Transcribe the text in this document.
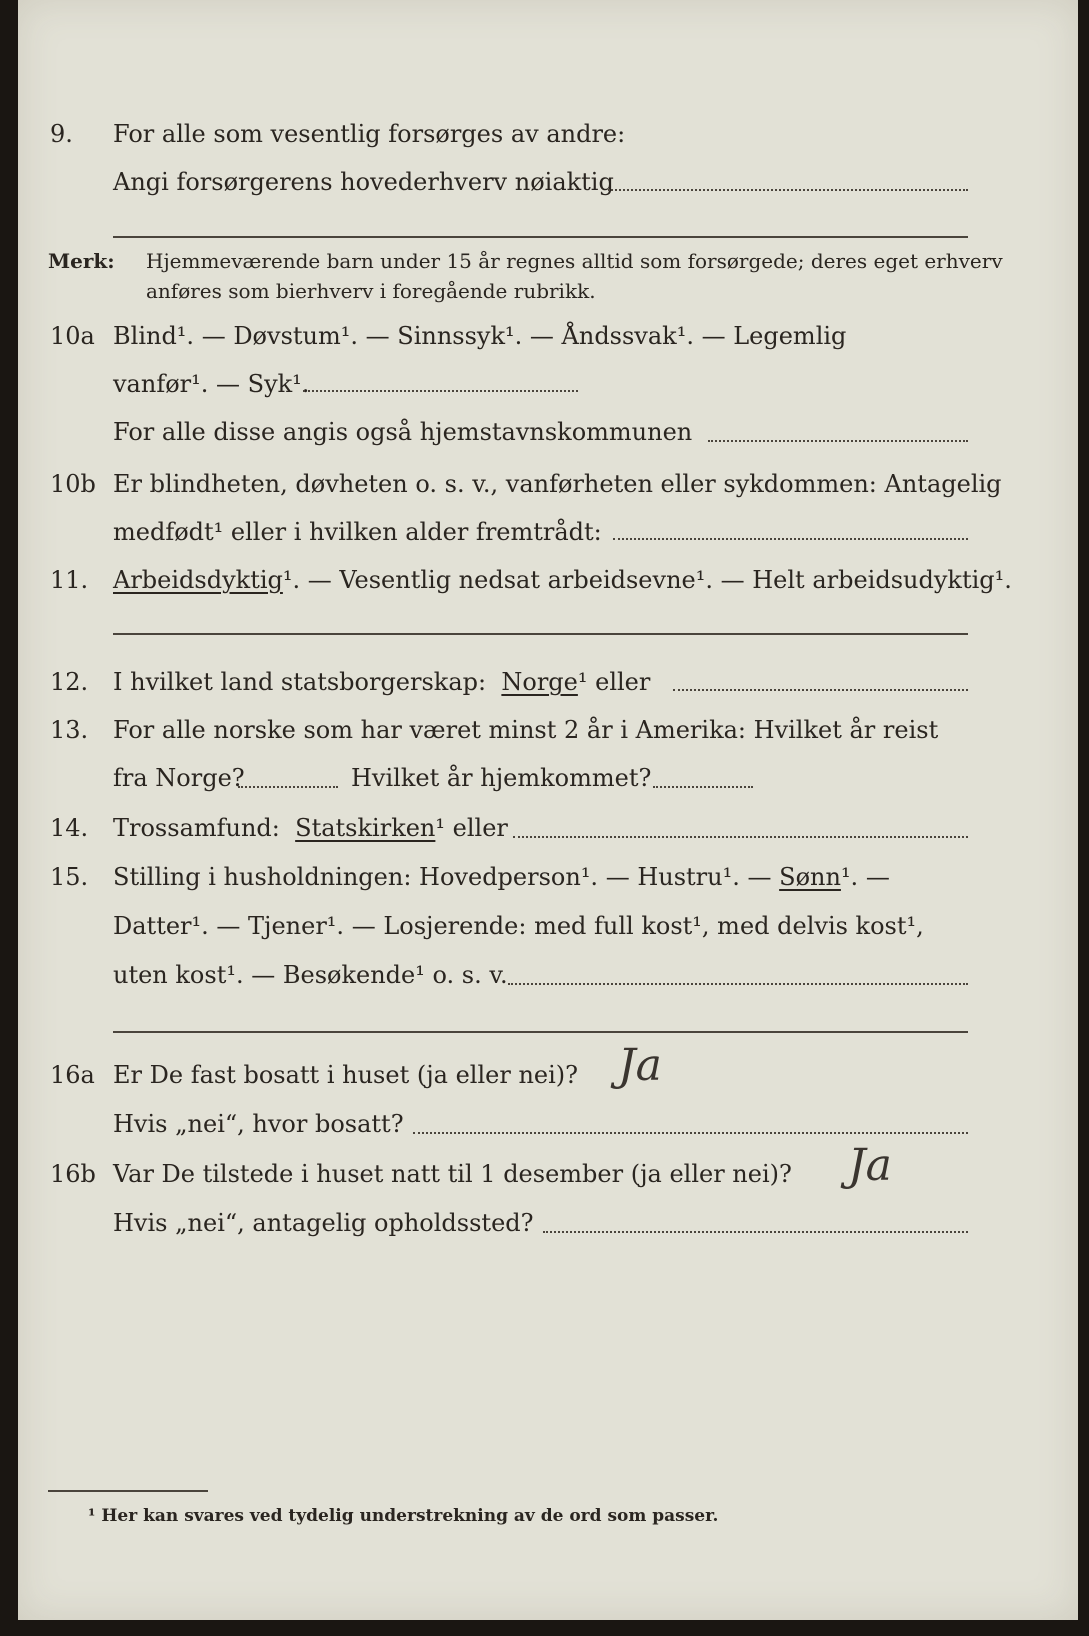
9. For alle som vesentlig forsørges av andre:
Angi forsørgerens hovederhverv nøiaktig
Merk: Hjemmeværende barn under 15 år regnes alltid som forsørgede; deres eget erhverv
anføres som bierhverv i foregående rubrikk.
10a Blind¹. — Døvstum¹. — Sinnssyk¹. — Åndssvak¹. — Legemlig
vanfør¹. — Syk¹.
For alle disse angis også hjemstavnskommunen
10b Er blindheten, døvheten o. s. v., vanførheten eller sykdommen: Antagelig
medfødt¹ eller i hvilken alder fremtrådt:
11. Arbeidsdyktig¹. — Vesentlig nedsat arbeidsevne¹. — Helt arbeidsudyktig¹.
12. I hvilket land statsborgerskap: Norge¹ eller
13. For alle norske som har været minst 2 år i Amerika: Hvilket år reist
fra Norge?	Hvilket år hjemkommet?
14. Trossamfund: Statskirken¹ eller
15. Stilling i husholdningen: Hovedperson¹. — Hustru¹. — Sønn¹. —
Datter¹. — Tjener¹. — Losjerende: med full kost¹, med delvis kost¹,
uten kost¹. — Besøkende¹ o. s. v.
16a Er De fast bosatt i huset (ja eller nei)? Ja
Hvis „nei“, hvor bosatt?
16b Var De tilstede i huset natt til 1 desember (ja eller nei)? Ja
Hvis „nei“, antagelig opholdssted?
¹ Her kan svares ved tydelig understrekning av de ord som passer.
